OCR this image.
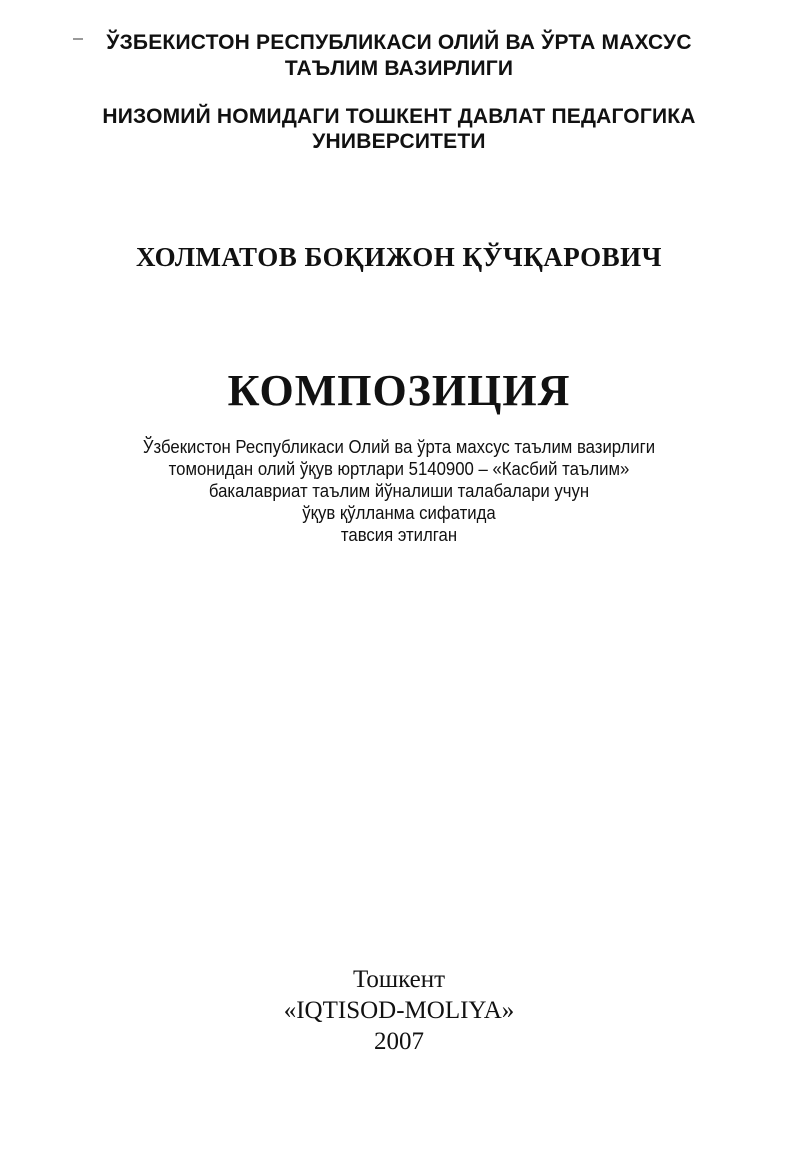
ЎЗБЕКИСТОН РЕСПУБЛИКАСИ ОЛИЙ ВА ЎРТА МАХСУС
ТАЪЛИМ ВАЗИРЛИГИ
НИЗОМИЙ НОМИДАГИ ТОШКЕНТ ДАВЛАТ ПЕДАГОГИКА
УНИВЕРСИТЕТИ
ХОЛМАТОВ БОҚИЖОН ҚЎЧҚАРОВИЧ
КОМПОЗИЦИЯ
Ўзбекистон Республикаси Олий ва ўрта махсус таълим вазирлиги
томонидан олий ўқув юртлари 5140900 – «Касбий таълим»
бакалавриат таълим йўналиши талабалари учун
ўқув қўлланма сифатида
тавсия этилган
Тошкент
«IQTISOD-MOLIYA»
2007
